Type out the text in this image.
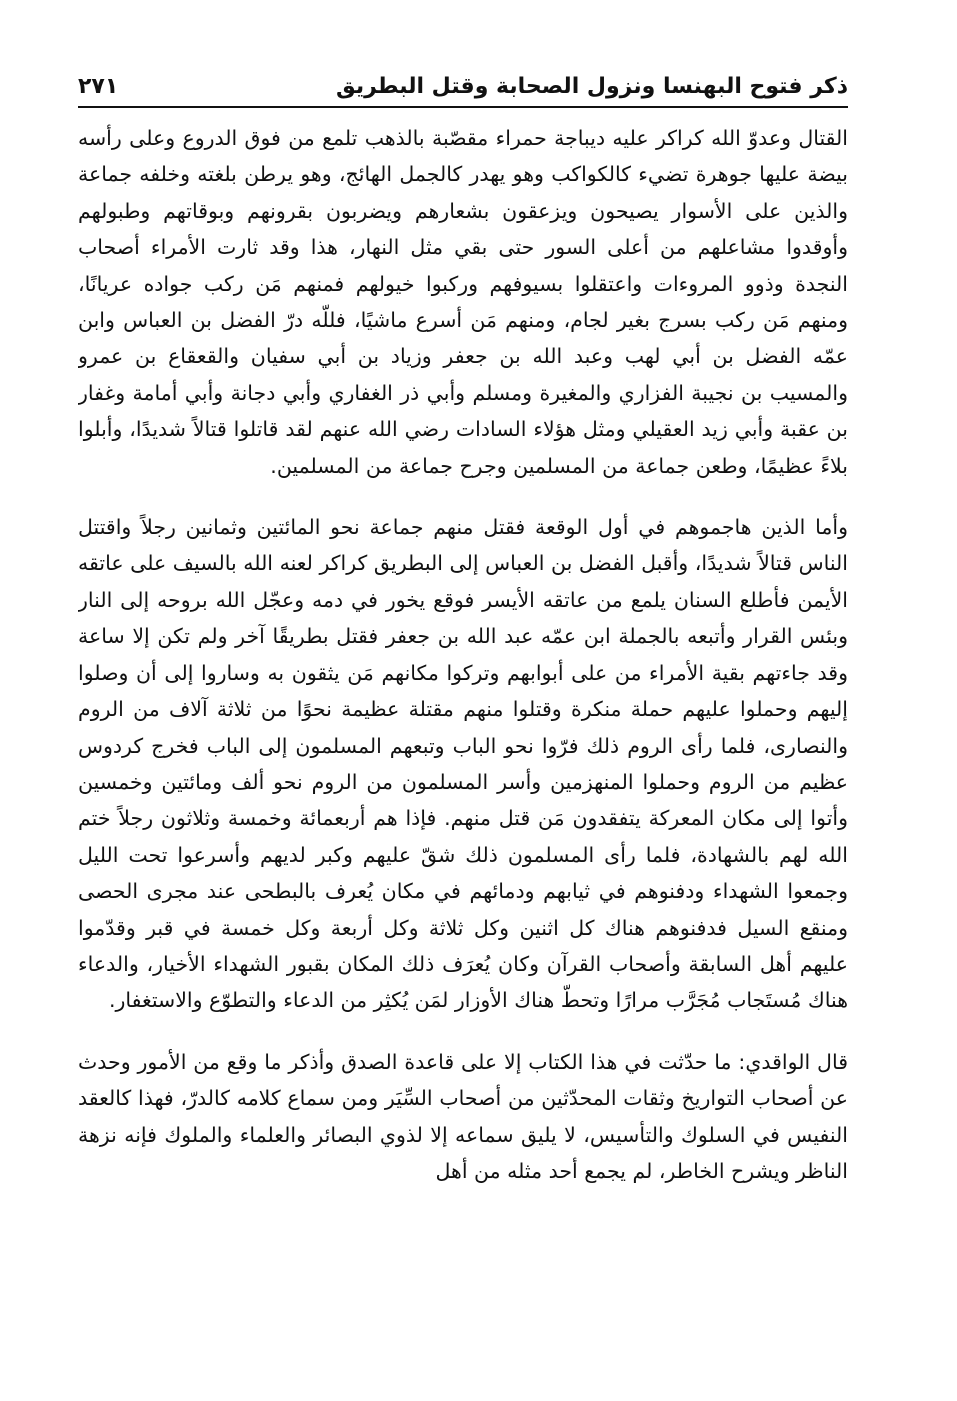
ذكر فتوح البهنسا ونزول الصحابة وقتل البطريق
٢٧١

القتال وعدوّ الله كراكر عليه ديباجة حمراء مقصّبة بالذهب تلمع من فوق الدروع وعلى رأسه بيضة عليها جوهرة تضيء كالكواكب وهو يهدر كالجمل الهائج، وهو يرطن بلغته وخلفه جماعة والذين على الأسوار يصيحون ويزعقون بشعارهم ويضربون بقرونهم وبوقاتهم وطبولهم وأوقدوا مشاعلهم من أعلى السور حتى بقي مثل النهار، هذا وقد ثارت الأمراء أصحاب النجدة وذوو المروءات واعتقلوا بسيوفهم وركبوا خيولهم فمنهم مَن ركب جواده عريانًا، ومنهم مَن ركب بسرج بغير لجام، ومنهم مَن أسرع ماشيًا، فللّه درّ الفضل بن العباس وابن عمّه الفضل بن أبي لهب وعبد الله بن جعفر وزياد بن أبي سفيان والقعقاع بن عمرو والمسيب بن نجيبة الفزاري والمغيرة ومسلم وأبي ذر الغفاري وأبي دجانة وأبي أمامة وغفار بن عقبة وأبي زيد العقيلي ومثل هؤلاء السادات رضي الله عنهم لقد قاتلوا قتالاً شديدًا، وأبلوا بلاءً عظيمًا، وطعن جماعة من المسلمين وجرح جماعة من المسلمين.

وأما الذين هاجموهم في أول الوقعة فقتل منهم جماعة نحو المائتين وثمانين رجلاً واقتتل الناس قتالاً شديدًا، وأقبل الفضل بن العباس إلى البطريق كراكر لعنه الله بالسيف على عاتقه الأيمن فأطلع السنان يلمع من عاتقه الأيسر فوقع يخور في دمه وعجّل الله بروحه إلى النار وبئس القرار وأتبعه بالجملة ابن عمّه عبد الله بن جعفر فقتل بطريقًا آخر ولم تكن إلا ساعة وقد جاءتهم بقية الأمراء من على أبوابهم وتركوا مكانهم مَن يثقون به وساروا إلى أن وصلوا إليهم وحملوا عليهم حملة منكرة وقتلوا منهم مقتلة عظيمة نحوًا من ثلاثة آلاف من الروم والنصارى، فلما رأى الروم ذلك فرّوا نحو الباب وتبعهم المسلمون إلى الباب فخرج كردوس عظيم من الروم وحملوا المنهزمين وأسر المسلمون من الروم نحو ألف ومائتين وخمسين وأتوا إلى مكان المعركة يتفقدون مَن قتل منهم. فإذا هم أربعمائة وخمسة وثلاثون رجلاً ختم الله لهم بالشهادة، فلما رأى المسلمون ذلك شقّ عليهم وكبر لديهم وأسرعوا تحت الليل وجمعوا الشهداء ودفنوهم في ثيابهم ودمائهم في مكان يُعرف بالبطحى عند مجرى الحصى ومنقع السيل فدفنوهم هناك كل اثنين وكل ثلاثة وكل أربعة وكل خمسة في قبر وقدّموا عليهم أهل السابقة وأصحاب القرآن وكان يُعرَف ذلك المكان بقبور الشهداء الأخيار، والدعاء هناك مُستَجاب مُجَرَّب مرارًا وتحطّ هناك الأوزار لمَن يُكثِر من الدعاء والتطوّع والاستغفار.

قال الواقدي: ما حدّثت في هذا الكتاب إلا على قاعدة الصدق وأذكر ما وقع من الأمور وحدث عن أصحاب التواريخ وثقات المحدّثين من أصحاب السِّيَر ومن سماع كلامه كالدرّ، فهذا كالعقد النفيس في السلوك والتأسيس، لا يليق سماعه إلا لذوي البصائر والعلماء والملوك فإنه نزهة الناظر ويشرح الخاطر، لم يجمع أحد مثله من أهل
